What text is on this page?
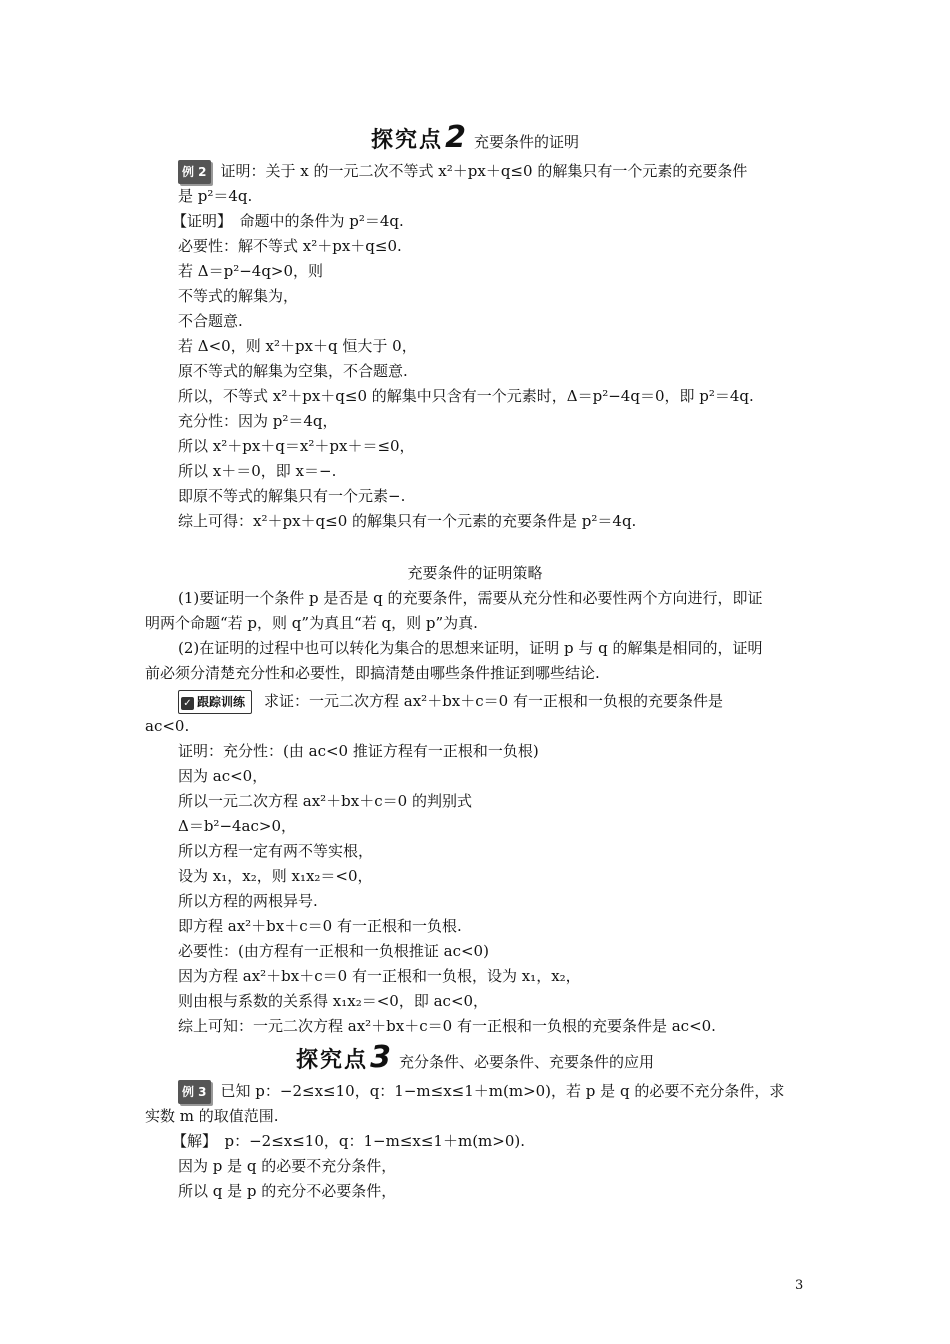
探究点2 充要条件的证明
例 2 证明：关于 x 的一元二次不等式 x²＋px＋q≤0 的解集只有一个元素的充要条件
是 p²＝4q.
【证明】　命题中的条件为 p²＝4q.
必要性：解不等式 x²＋px＋q≤0.
若 Δ＝p²−4q>0，则
不等式的解集为，
不合题意.
若 Δ<0，则 x²＋px＋q 恒大于 0，
原不等式的解集为空集，不合题意.
所以，不等式 x²＋px＋q≤0 的解集中只含有一个元素时，Δ＝p²−4q＝0，即 p²＝4q.
充分性：因为 p²＝4q，
所以 x²＋px＋q＝x²＋px＋＝≤0，
所以 x＋＝0，即 x＝−.
即原不等式的解集只有一个元素−.
综上可得：x²＋px＋q≤0 的解集只有一个元素的充要条件是 p²＝4q.
充要条件的证明策略
(1)要证明一个条件 p 是否是 q 的充要条件，需要从充分性和必要性两个方向进行，即证
明两个命题“若 p，则 q”为真且“若 q，则 p”为真.
(2)在证明的过程中也可以转化为集合的思想来证明，证明 p 与 q 的解集是相同的，证明
前必须分清楚充分性和必要性，即搞清楚由哪些条件推证到哪些结论.
✓ 跟踪训练 求证：一元二次方程 ax²＋bx＋c＝0 有一正根和一负根的充要条件是
ac<0.
证明：充分性：(由 ac<0 推证方程有一正根和一负根)
因为 ac<0，
所以一元二次方程 ax²＋bx＋c＝0 的判别式
Δ＝b²−4ac>0，
所以方程一定有两不等实根，
设为 x₁，x₂，则 x₁x₂＝<0，
所以方程的两根异号.
即方程 ax²＋bx＋c＝0 有一正根和一负根.
必要性：(由方程有一正根和一负根推证 ac<0)
因为方程 ax²＋bx＋c＝0 有一正根和一负根，设为 x₁，x₂，
则由根与系数的关系得 x₁x₂＝<0，即 ac<0，
综上可知：一元二次方程 ax²＋bx＋c＝0 有一正根和一负根的充要条件是 ac<0.
探究点3 充分条件、必要条件、充要条件的应用
例 3 已知 p：−2≤x≤10，q：1−m≤x≤1＋m(m>0)，若 p 是 q 的必要不充分条件，求
实数 m 的取值范围.
【解】　p：−2≤x≤10，q：1−m≤x≤1＋m(m>0).
因为 p 是 q 的必要不充分条件，
所以 q 是 p 的充分不必要条件，
3
